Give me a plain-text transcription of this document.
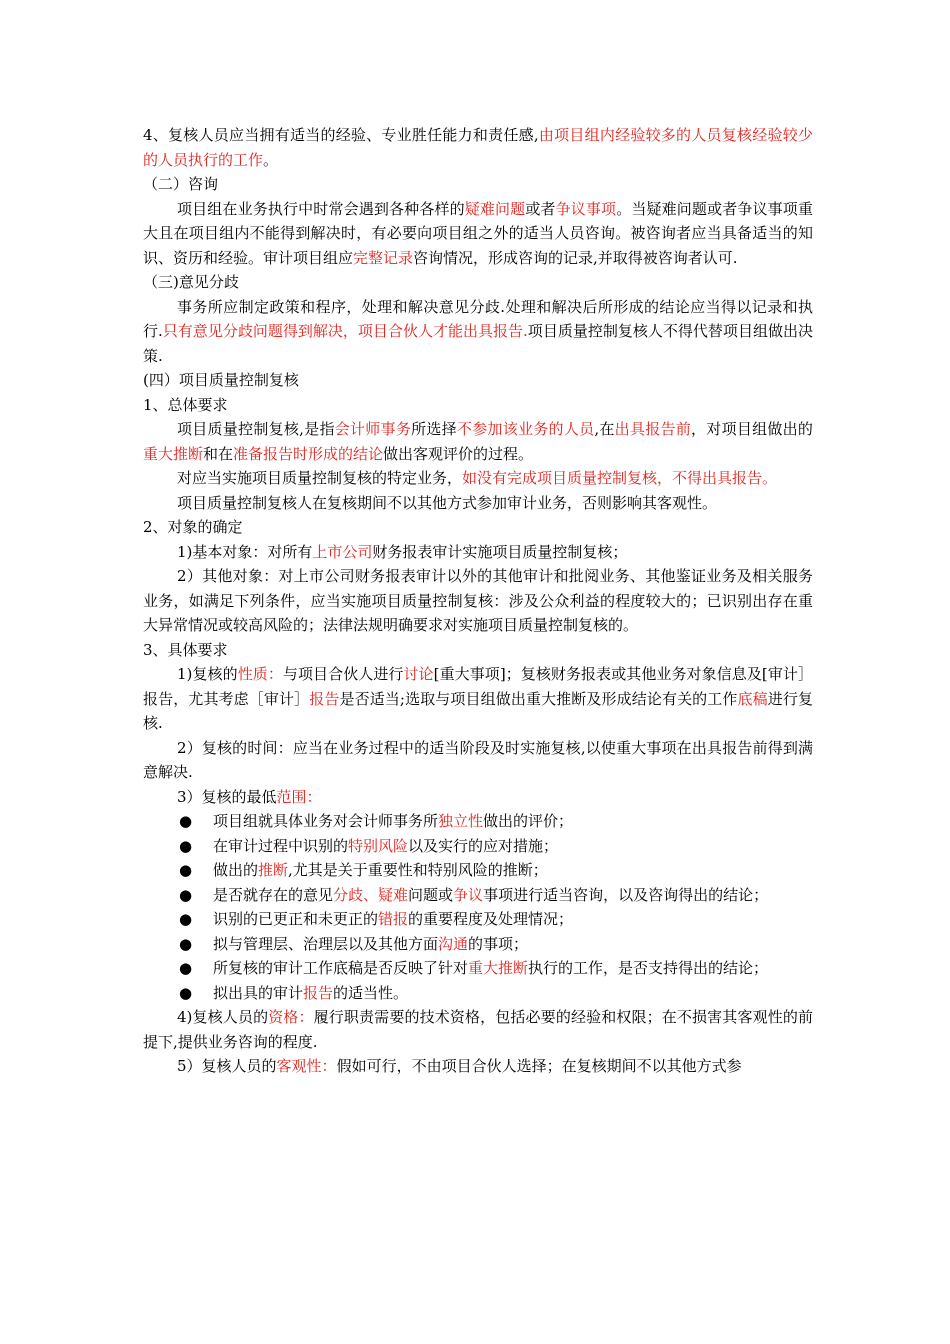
4、复核人员应当拥有适当的经验、专业胜任能力和责任感,由项目组内经验较多的人员复核经验较少的人员执行的工作。

（二）咨询

项目组在业务执行中时常会遇到各种各样的疑难问题或者争议事项。当疑难问题或者争议事项重大且在项目组内不能得到解决时，有必要向项目组之外的适当人员咨询。被咨询者应当具备适当的知识、资历和经验。审计项目组应完整记录咨询情况，形成咨询的记录,并取得被咨询者认可.

（三)意见分歧

事务所应制定政策和程序，处理和解决意见分歧.处理和解决后所形成的结论应当得以记录和执行.只有意见分歧问题得到解决，项目合伙人才能出具报告.项目质量控制复核人不得代替项目组做出决策.

(四）项目质量控制复核

1、总体要求

项目质量控制复核,是指会计师事务所选择不参加该业务的人员,在出具报告前，对项目组做出的重大推断和在准备报告时形成的结论做出客观评价的过程。

对应当实施项目质量控制复核的特定业务，如没有完成项目质量控制复核，不得出具报告。

项目质量控制复核人在复核期间不以其他方式参加审计业务，否则影响其客观性。

2、对象的确定

1)基本对象：对所有上市公司财务报表审计实施项目质量控制复核；

2）其他对象：对上市公司财务报表审计以外的其他审计和批阅业务、其他鉴证业务及相关服务业务，如满足下列条件，应当实施项目质量控制复核：涉及公众利益的程度较大的；已识别出存在重大异常情况或较高风险的；法律法规明确要求对实施项目质量控制复核的。

3、具体要求

1)复核的性质：与项目合伙人进行讨论[重大事项]；复核财务报表或其他业务对象信息及[审计］报告，尤其考虑［审计］报告是否适当;选取与项目组做出重大推断及形成结论有关的工作底稿进行复核.

2）复核的时间：应当在业务过程中的适当阶段及时实施复核,以使重大事项在出具报告前得到满意解决.

3）复核的最低范围：

● 项目组就具体业务对会计师事务所独立性做出的评价；

● 在审计过程中识别的特别风险以及实行的应对措施；

● 做出的推断,尤其是关于重要性和特别风险的推断；

● 是否就存在的意见分歧、疑难问题或争议事项进行适当咨询，以及咨询得出的结论；

● 识别的已更正和未更正的错报的重要程度及处理情况；

● 拟与管理层、治理层以及其他方面沟通的事项；

● 所复核的审计工作底稿是否反映了针对重大推断执行的工作，是否支持得出的结论；

● 拟出具的审计报告的适当性。

4)复核人员的资格：履行职责需要的技术资格，包括必要的经验和权限；在不损害其客观性的前提下,提供业务咨询的程度.

5）复核人员的客观性：假如可行，不由项目合伙人选择；在复核期间不以其他方式参
